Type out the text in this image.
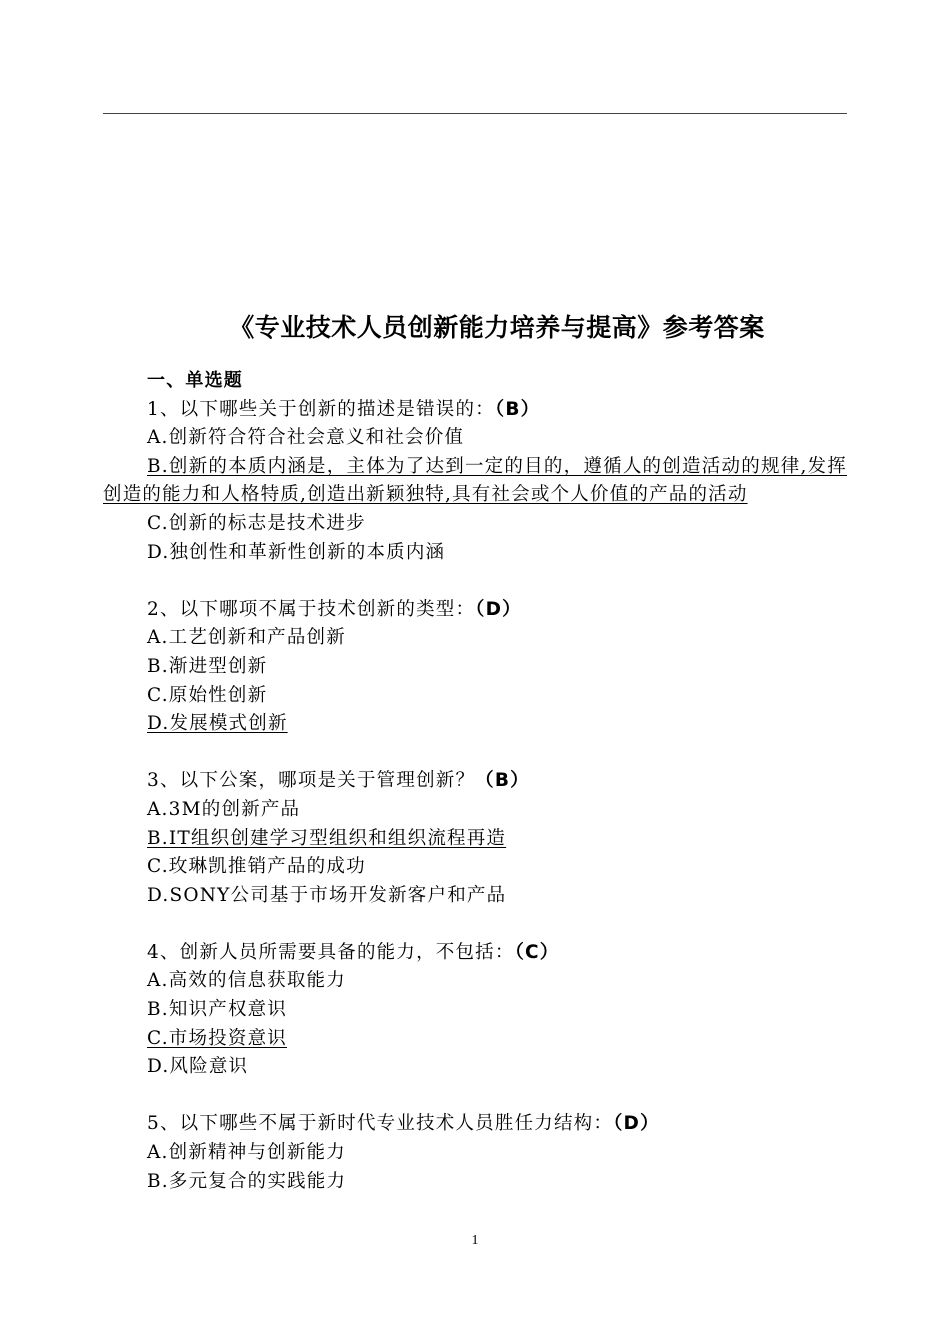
《专业技术人员创新能力培养与提高》参考答案
一、单选题
1、以下哪些关于创新的描述是错误的：（B）
A.创新符合符合社会意义和社会价值
B.创新的本质内涵是，主体为了达到一定的目的，遵循人的创造活动的规律,发挥创造的能力和人格特质,创造出新颖独特,具有社会或个人价值的产品的活动
C.创新的标志是技术进步
D.独创性和革新性创新的本质内涵
2、以下哪项不属于技术创新的类型：（D）
A.工艺创新和产品创新
B.渐进型创新
C.原始性创新
D.发展模式创新
3、以下公案，哪项是关于管理创新？（B）
A.3M的创新产品
B.IT组织创建学习型组织和组织流程再造
C.玫琳凯推销产品的成功
D.SONY公司基于市场开发新客户和产品
4、创新人员所需要具备的能力，不包括：（C）
A.高效的信息获取能力
B.知识产权意识
C.市场投资意识
D.风险意识
5、以下哪些不属于新时代专业技术人员胜任力结构：（D）
A.创新精神与创新能力
B.多元复合的实践能力
1
